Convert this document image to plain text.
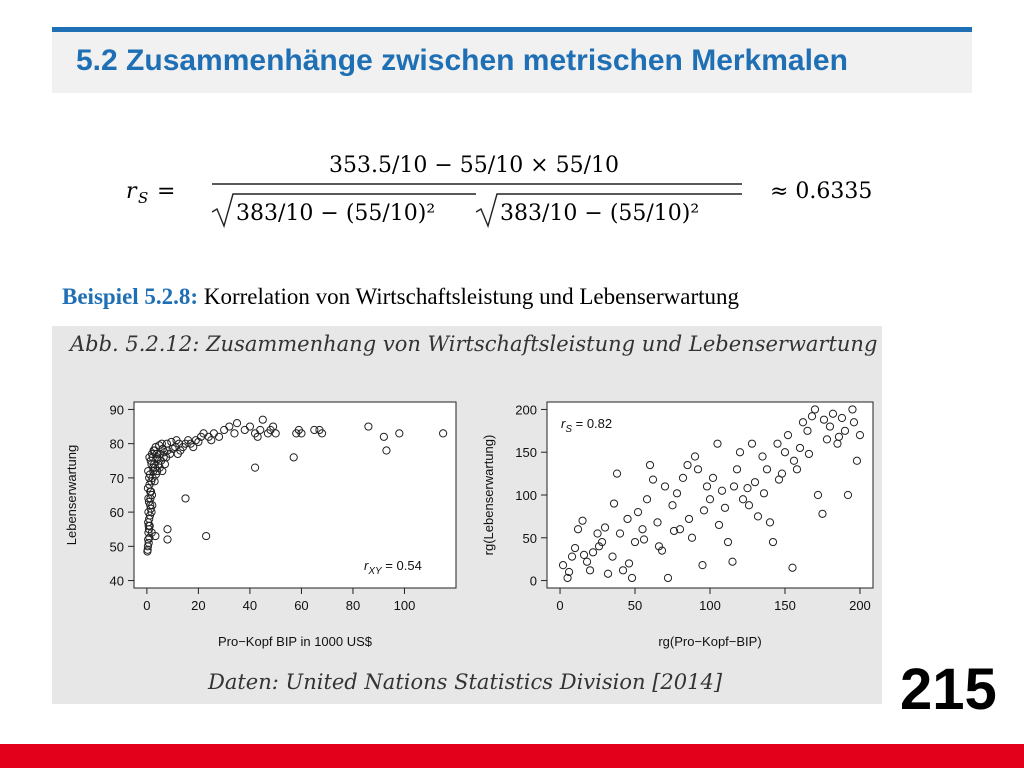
5.2 Zusammenhänge zwischen metrischen Merkmalen
r S =
353.5/10 − 55/10 × 55/10
383/10 − (55/10)²	383/10 − (55/10)²
≈ 0.6335
Beispiel 5.2.8: Korrelation von Wirtschaftsleistung und Lebenserwartung
Abb. 5.2.12: Zusammenhang von Wirtschaftsleistung und Lebenserwartung
0	20	40	60	80	100
40
50
60
70
80
90
Pro−Kopf BIP in 1000 US$
Lebenserwartung
$r_{XY} = 0.54$
0	50	100	150	200
0
50
100
150
200
rg(Pro−Kopf−BIP)
rg(Lebenserwartung)
$r_S = 0.82$
Daten: United Nations Statistics Division [2014]	215
